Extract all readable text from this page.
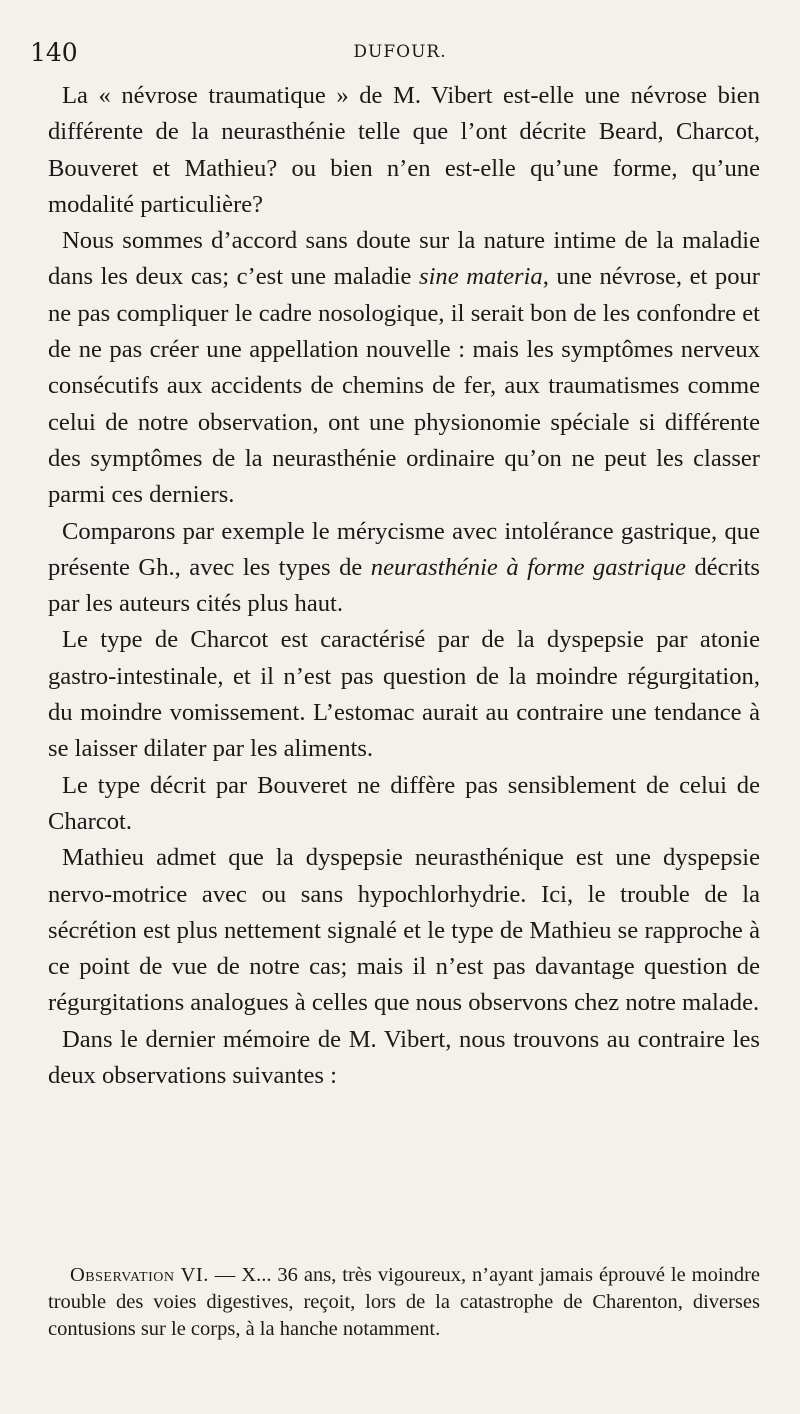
140	DUFOUR.

La « névrose traumatique » de M. Vibert est-elle une névrose bien différente de la neurasthénie telle que l’ont décrite Beard, Charcot, Bouveret et Mathieu? ou bien n’en est-elle qu’une forme, qu’une modalité particulière?

Nous sommes d’accord sans doute sur la nature intime de la maladie dans les deux cas; c’est une maladie sine materia, une névrose, et pour ne pas compliquer le cadre nosologique, il serait bon de les confondre et de ne pas créer une appellation nouvelle : mais les symptômes nerveux consécutifs aux accidents de chemins de fer, aux traumatismes comme celui de notre observation, ont une physionomie spéciale si différente des symptômes de la neurasthénie ordinaire qu’on ne peut les classer parmi ces derniers.

Comparons par exemple le mérycisme avec intolérance gastrique, que présente Gh., avec les types de neurasthénie à forme gastrique décrits par les auteurs cités plus haut.

Le type de Charcot est caractérisé par de la dyspepsie par atonie gastro-intestinale, et il n’est pas question de la moindre régurgitation, du moindre vomissement. L’estomac aurait au contraire une tendance à se laisser dilater par les aliments.

Le type décrit par Bouveret ne diffère pas sensiblement de celui de Charcot.

Mathieu admet que la dyspepsie neurasthénique est une dyspepsie nervo-motrice avec ou sans hypochlorhydrie. Ici, le trouble de la sécrétion est plus nettement signalé et le type de Mathieu se rapproche à ce point de vue de notre cas; mais il n’est pas davantage question de régurgitations analogues à celles que nous observons chez notre malade.

Dans le dernier mémoire de M. Vibert, nous trouvons au contraire les deux observations suivantes :

Observation VI. — X... 36 ans, très vigoureux, n’ayant jamais éprouvé le moindre trouble des voies digestives, reçoit, lors de la catastrophe de Charenton, diverses contusions sur le corps, à la hanche notamment.
